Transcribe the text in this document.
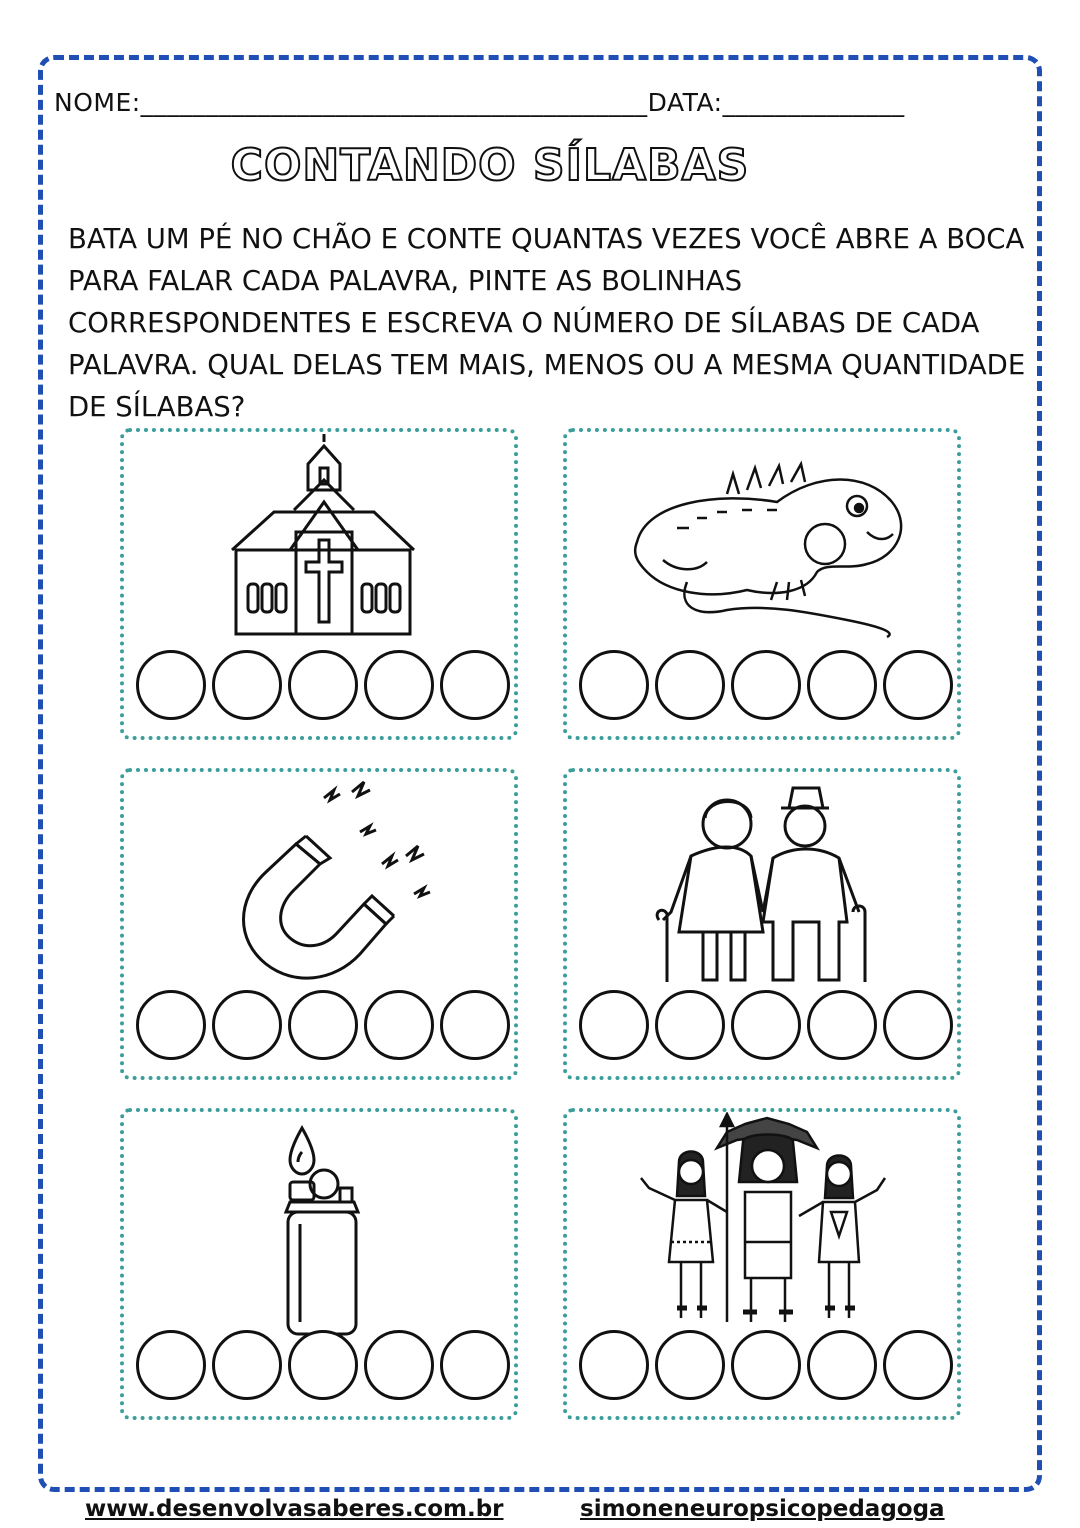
NOME:_______________________________________DATA:______________
CONTANDO SÍLABAS
BATA UM PÉ NO CHÃO E CONTE QUANTAS VEZES VOCÊ ABRE A BOCA PARA FALAR CADA PALAVRA, PINTE AS BOLINHAS CORRESPONDENTES E ESCREVA O NÚMERO DE SÍLABAS DE CADA PALAVRA. QUAL DELAS TEM MAIS, MENOS OU A MESMA QUANTIDADE DE SÍLABAS?
www.desenvolvasaberes.com.br	simoneneuropsicopedagoga
